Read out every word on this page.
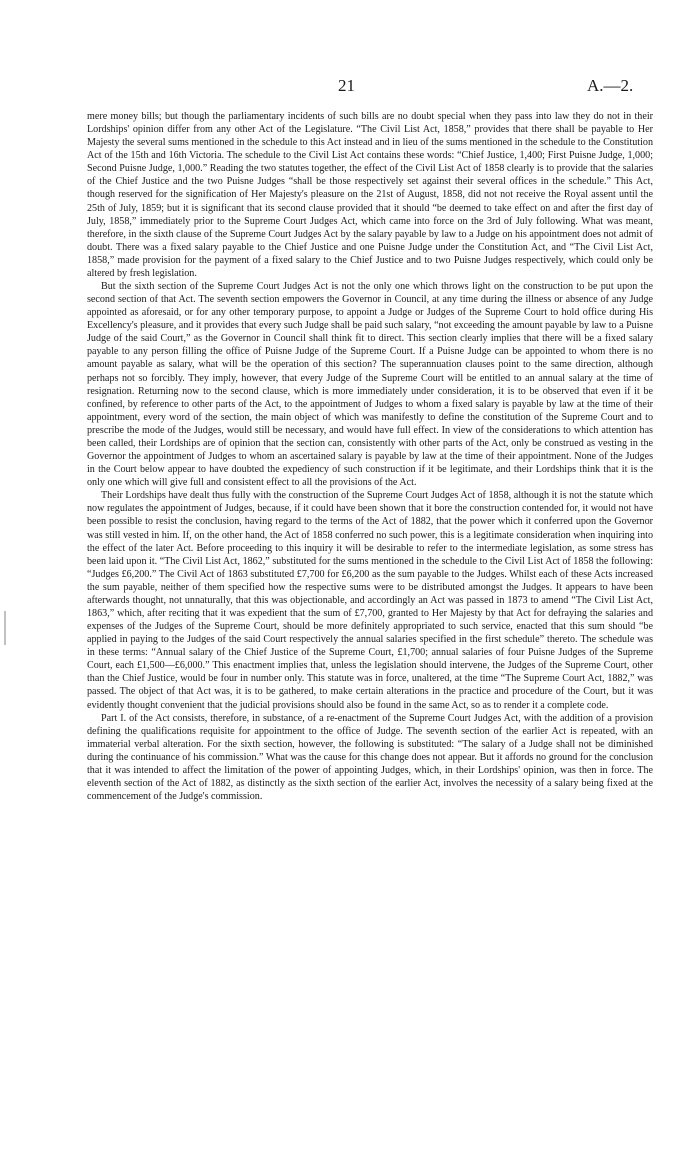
21	A.—2.

mere money bills; but though the parliamentary incidents of such bills are no doubt special when they pass into law they do not in their Lordships' opinion differ from any other Act of the Legislature. “The Civil List Act, 1858,” provides that there shall be payable to Her Majesty the several sums mentioned in the schedule to this Act instead and in lieu of the sums mentioned in the schedule to the Constitution Act of the 15th and 16th Victoria. The schedule to the Civil List Act contains these words: “Chief Justice, 1,400; First Puisne Judge, 1,000; Second Puisne Judge, 1,000.” Reading the two statutes together, the effect of the Civil List Act of 1858 clearly is to provide that the salaries of the Chief Justice and the two Puisne Judges “shall be those respectively set against their several offices in the schedule.” This Act, though reserved for the signification of Her Majesty's pleasure on the 21st of August, 1858, did not not receive the Royal assent until the 25th of July, 1859; but it is significant that its second clause provided that it should “be deemed to take effect on and after the first day of July, 1858,” immediately prior to the Supreme Court Judges Act, which came into force on the 3rd of July following. What was meant, therefore, in the sixth clause of the Supreme Court Judges Act by the salary payable by law to a Judge on his appointment does not admit of doubt. There was a fixed salary payable to the Chief Justice and one Puisne Judge under the Constitution Act, and “The Civil List Act, 1858,” made provision for the payment of a fixed salary to the Chief Justice and to two Puisne Judges respectively, which could only be altered by fresh legislation.

But the sixth section of the Supreme Court Judges Act is not the only one which throws light on the construction to be put upon the second section of that Act. The seventh section empowers the Governor in Council, at any time during the illness or absence of any Judge appointed as aforesaid, or for any other temporary purpose, to appoint a Judge or Judges of the Supreme Court to hold office during His Excellency's pleasure, and it provides that every such Judge shall be paid such salary, “not exceeding the amount payable by law to a Puisne Judge of the said Court,” as the Governor in Council shall think fit to direct. This section clearly implies that there will be a fixed salary payable to any person filling the office of Puisne Judge of the Supreme Court. If a Puisne Judge can be appointed to whom there is no amount payable as salary, what will be the operation of this section? The superannuation clauses point to the same direction, although perhaps not so forcibly. They imply, however, that every Judge of the Supreme Court will be entitled to an annual salary at the time of resignation. Returning now to the second clause, which is more immediately under consideration, it is to be observed that even if it be confined, by reference to other parts of the Act, to the appointment of Judges to whom a fixed salary is payable by law at the time of their appointment, every word of the section, the main object of which was manifestly to define the constitution of the Supreme Court and to prescribe the mode of the Judges, would still be necessary, and would have full effect. In view of the considerations to which attention has been called, their Lordships are of opinion that the section can, consistently with other parts of the Act, only be construed as vesting in the Governor the appointment of Judges to whom an ascertained salary is payable by law at the time of their appointment. None of the Judges in the Court below appear to have doubted the expediency of such construction if it be legitimate, and their Lordships think that it is the only one which will give full and consistent effect to all the provisions of the Act.

Their Lordships have dealt thus fully with the construction of the Supreme Court Judges Act of 1858, although it is not the statute which now regulates the appointment of Judges, because, if it could have been shown that it bore the construction contended for, it would not have been possible to resist the conclusion, having regard to the terms of the Act of 1882, that the power which it conferred upon the Governor was still vested in him. If, on the other hand, the Act of 1858 conferred no such power, this is a legitimate consideration when inquiring into the effect of the later Act. Before proceeding to this inquiry it will be desirable to refer to the intermediate legislation, as some stress has been laid upon it. “The Civil List Act, 1862,” substituted for the sums mentioned in the schedule to the Civil List Act of 1858 the following: “Judges £6,200.” The Civil Act of 1863 substituted £7,700 for £6,200 as the sum payable to the Judges. Whilst each of these Acts increased the sum payable, neither of them specified how the respective sums were to be distributed amongst the Judges. It appears to have been afterwards thought, not unnaturally, that this was objectionable, and accordingly an Act was passed in 1873 to amend “The Civil List Act, 1863,” which, after reciting that it was expedient that the sum of £7,700, granted to Her Majesty by that Act for defraying the salaries and expenses of the Judges of the Supreme Court, should be more definitely appropriated to such service, enacted that this sum should “be applied in paying to the Judges of the said Court respectively the annual salaries specified in the first schedule” thereto. The schedule was in these terms: “Annual salary of the Chief Justice of the Supreme Court, £1,700; annual salaries of four Puisne Judges of the Supreme Court, each £1,500—£6,000.” This enactment implies that, unless the legislation should intervene, the Judges of the Supreme Court, other than the Chief Justice, would be four in number only. This statute was in force, unaltered, at the time “The Supreme Court Act, 1882,” was passed. The object of that Act was, it is to be gathered, to make certain alterations in the practice and procedure of the Court, but it was evidently thought convenient that the judicial provisions should also be found in the same Act, so as to render it a complete code.

Part I. of the Act consists, therefore, in substance, of a re-enactment of the Supreme Court Judges Act, with the addition of a provision defining the qualifications requisite for appointment to the office of Judge. The seventh section of the earlier Act is repeated, with an immaterial verbal alteration. For the sixth section, however, the following is substituted: “The salary of a Judge shall not be diminished during the continuance of his commission.” What was the cause for this change does not appear. But it affords no ground for the conclusion that it was intended to affect the limitation of the power of appointing Judges, which, in their Lordships' opinion, was then in force. The eleventh section of the Act of 1882, as distinctly as the sixth section of the earlier Act, involves the necessity of a salary being fixed at the commencement of the Judge's commission.
